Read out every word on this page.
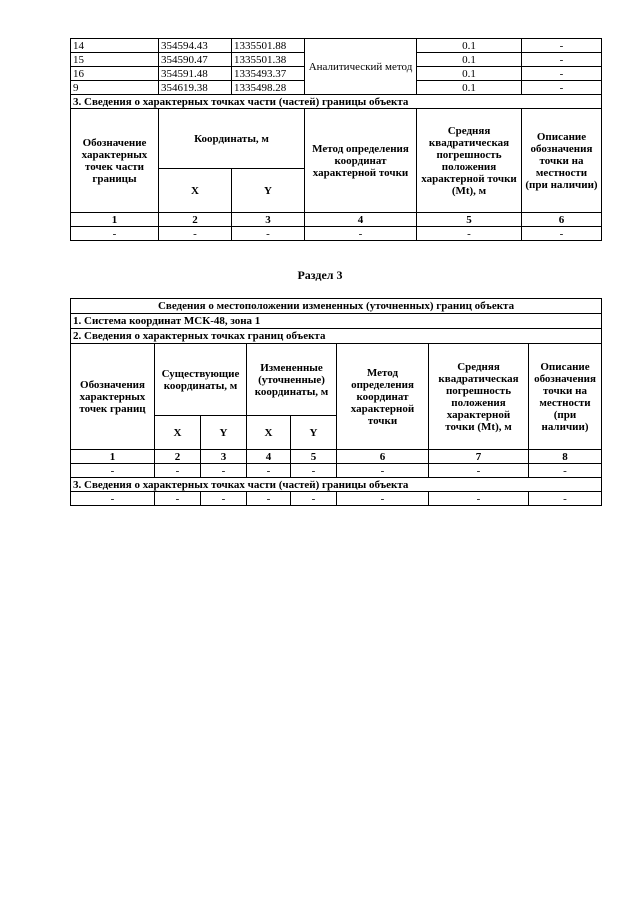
14	354594.43	1335501.88	Аналитический метод	0.1	-
15	354590.47	1335501.38		0.1	-
16	354591.48	1335493.37		0.1	-
9	354619.38	1335498.28		0.1	-
3. Сведения о характерных точках части (частей) границы объекта					
Обозначение характерных точек части границы	Координаты, м		Метод определения координат характерной точки	Средняя квадратическая погрешность положения характерной точки (Mt), м	Описание обозначения точки на местности (при наличии)
	X	Y			
1	2	3	4	5	6
-	-	-	-	-	-
Раздел 3
Сведения о местоположении измененных (уточненных) границ объекта							
1. Система координат МСК-48, зона 1							
2. Сведения о характерных точках границ объекта							
Обозначения характерных точек границ	Существующие координаты, м		Измененные (уточненные) координаты, м		Метод определения координат характерной точки	Средняя квадратическая погрешность положения характерной точки (Mt), м	Описание обозначения точки на местности (при наличии)
	X	Y	X	Y			
1	2	3	4	5	6	7	8
-	-	-	-	-	-	-	-
3. Сведения о характерных точках части (частей) границы объекта							
-	-	-	-	-	-	-	-
